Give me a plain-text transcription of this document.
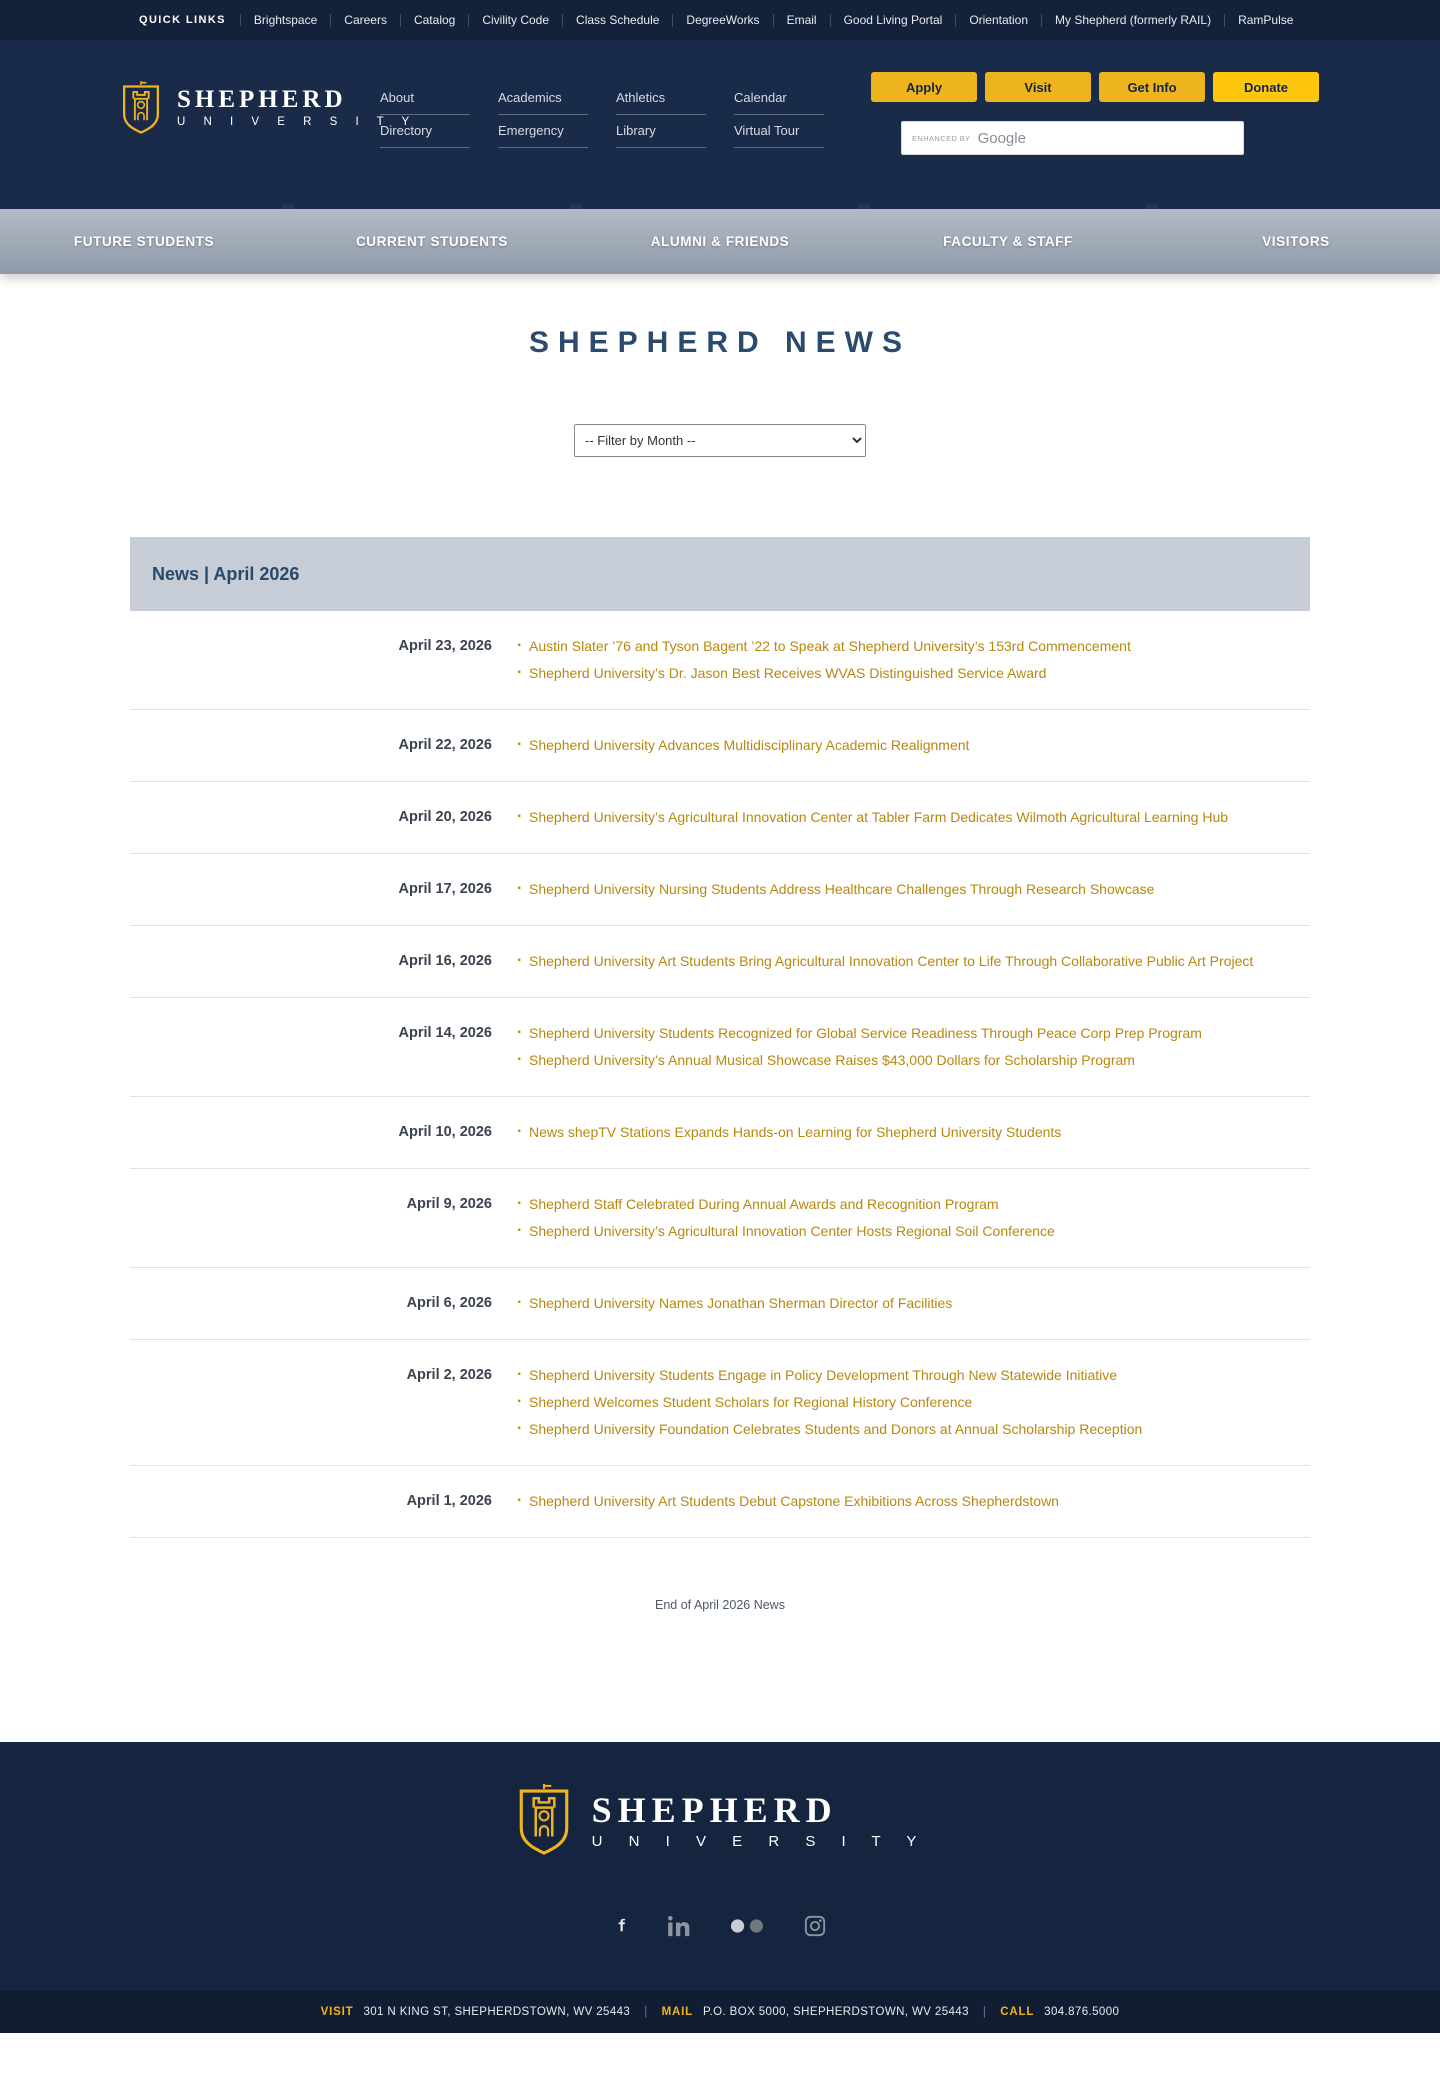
QUICK LINKS	Brightspace Careers Catalog Civility Code Class Schedule DegreeWorks Email Good Living Portal Orientation My Shepherd (formerly RAIL) RamPulse
SHEPHERD
U N I V E R S I T Y
About	Academics	Athletics	Calendar
Directory	Emergency	Library	Virtual Tour
Apply	Visit	Get Info	Donate
ENHANCED BY Google
FUTURE STUDENTS	CURRENT STUDENTS	ALUMNI & FRIENDS	FACULTY & STAFF	VISITORS
SHEPHERD NEWS
-- Filter by Month --
News | April 2026
April 23, 2026 · Austin Slater ’76 and Tyson Bagent ’22 to Speak at Shepherd University’s 153rd Commencement
· Shepherd University’s Dr. Jason Best Receives WVAS Distinguished Service Award
April 22, 2026 · Shepherd University Advances Multidisciplinary Academic Realignment
April 20, 2026 · Shepherd University’s Agricultural Innovation Center at Tabler Farm Dedicates Wilmoth Agricultural Learning Hub
April 17, 2026 · Shepherd University Nursing Students Address Healthcare Challenges Through Research Showcase
April 16, 2026 · Shepherd University Art Students Bring Agricultural Innovation Center to Life Through Collaborative Public Art Project
April 14, 2026 · Shepherd University Students Recognized for Global Service Readiness Through Peace Corp Prep Program
· Shepherd University’s Annual Musical Showcase Raises $43,000 Dollars for Scholarship Program
April 10, 2026 · News shepTV Stations Expands Hands-on Learning for Shepherd University Students
April 9, 2026 · Shepherd Staff Celebrated During Annual Awards and Recognition Program
· Shepherd University’s Agricultural Innovation Center Hosts Regional Soil Conference
April 6, 2026 · Shepherd University Names Jonathan Sherman Director of Facilities
April 2, 2026 · Shepherd University Students Engage in Policy Development Through New Statewide Initiative
· Shepherd Welcomes Student Scholars for Regional History Conference
· Shepherd University Foundation Celebrates Students and Donors at Annual Scholarship Reception
April 1, 2026 · Shepherd University Art Students Debut Capstone Exhibitions Across Shepherdstown

End of April 2026 News

SHEPHERD
U N I V E R S I T Y
VISIT 301 N KING ST, SHEPHERDSTOWN, WV 25443	|	MAIL P.O. BOX 5000, SHEPHERDSTOWN, WV 25443	|	CALL 304.876.5000
